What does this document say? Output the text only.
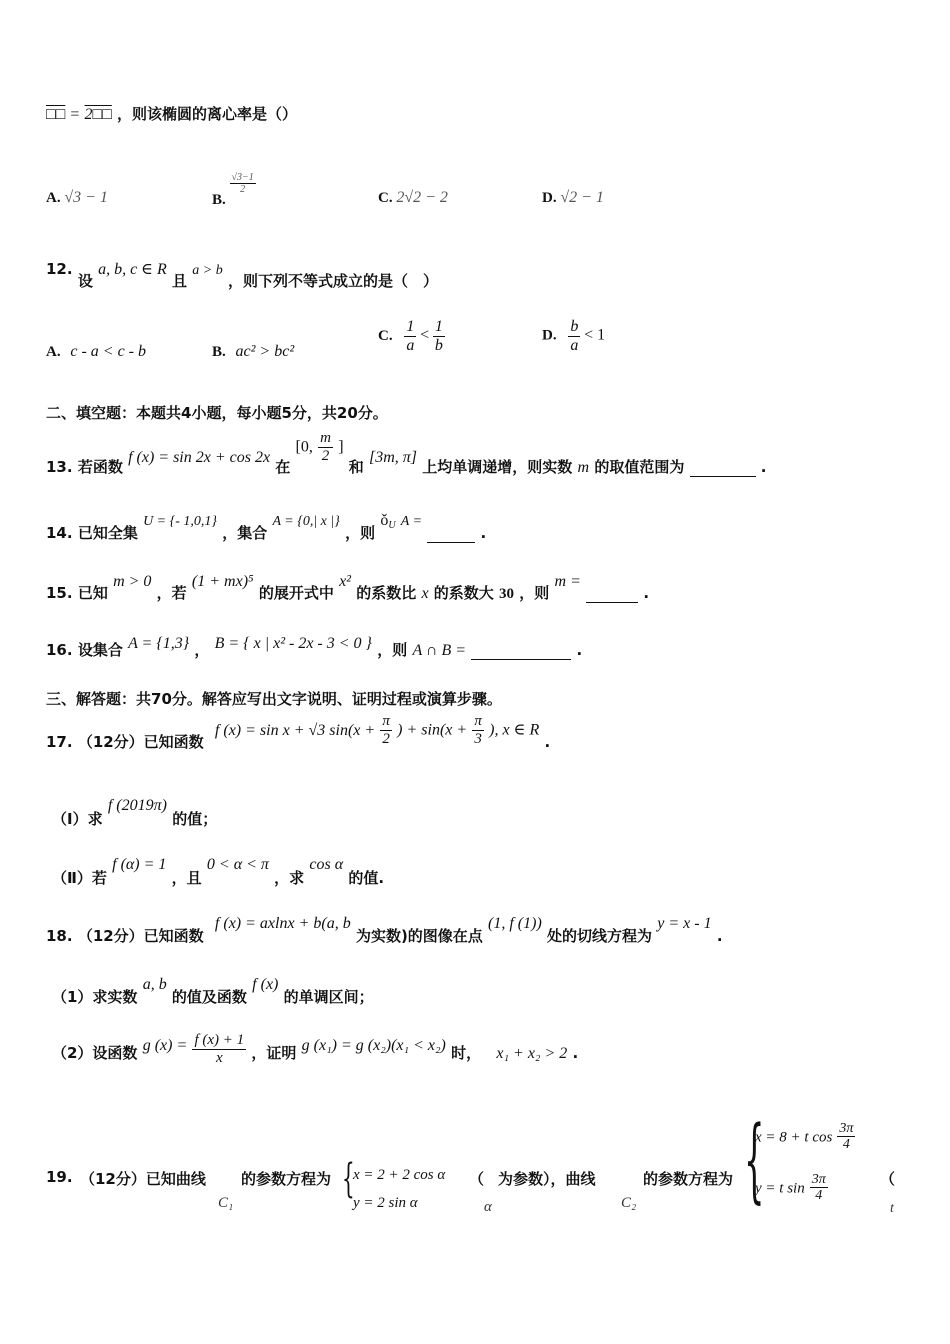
□□ = 2□□ ，则该椭圆的离心率是（）
A. √3 − 1	B.
$\frac{√3-1}{2}$
C. 2√2 − 2	D. √2 − 1
12. 设 a, b, c ∈ R 且 a > b ，则下列不等式成立的是（　）
A. c - a < c - b	B. ac² > bc²
C. $\frac{1}{a} < \frac{1}{b}$	D. $\frac{b}{a} < 1$
二、填空题：本题共4小题，每小题5分，共20分。
13. 若函数 f (x) = sin 2x + cos 2x 在 [0, $\frac{m}{2}$ ] 和 [3m, π] 上均单调递增，则实数 m 的取值范围为	.
14. 已知全集 U = {- 1,0,1} ，集合 A = {0,| x |} ，则 $ǒ_U$ A =   .
15. 已知 m > 0 ，若 (1 + mx)⁵ 的展开式中 x² 的系数比 x 的系数大 30 ，则 m =   .
16. 设集合 A = {1,3} ， B = { x | x² - 2x - 3 < 0 } ，则 A ∩ B =	.
三、解答题：共70分。解答应写出文字说明、证明过程或演算步骤。
17. （12分）已知函数 f (x) = sin x + √3 $\sin(x + \frac{\pi}{2}$ ) + $\sin(x + \frac{\pi}{3}$ ), x ∈ R .
（Ⅰ）求 f (2019π) 的值；
（Ⅱ）若 f (α) = 1 ，且 0 < α < π ，求 cos α 的值.
18. （12分）已知函数 f (x) = axlnx + b(a, b 为实数)的图像在点 (1, f (1)) 处的切线方程为 y = x - 1 .
（1）求实数 a, b 的值及函数 f (x) 的单调区间；
（2）设函数 g $(x) = \frac{f (x) + 1}{x}$ ，证明 g (x₁) = g (x₂)(x₁ < x₂) 时， x₁ + x₂ > 2 .
19. （12分）已知曲线 的参数方程为
C₁
{
x = 2 + 2 cos α
y = 2 sin α
（ 为参数），曲线
α	C₂
的参数方程为 {
x = 8 + t $\cos \frac{3\pi}{4}$
y = t $\sin \frac{3\pi}{4}$	（
t
